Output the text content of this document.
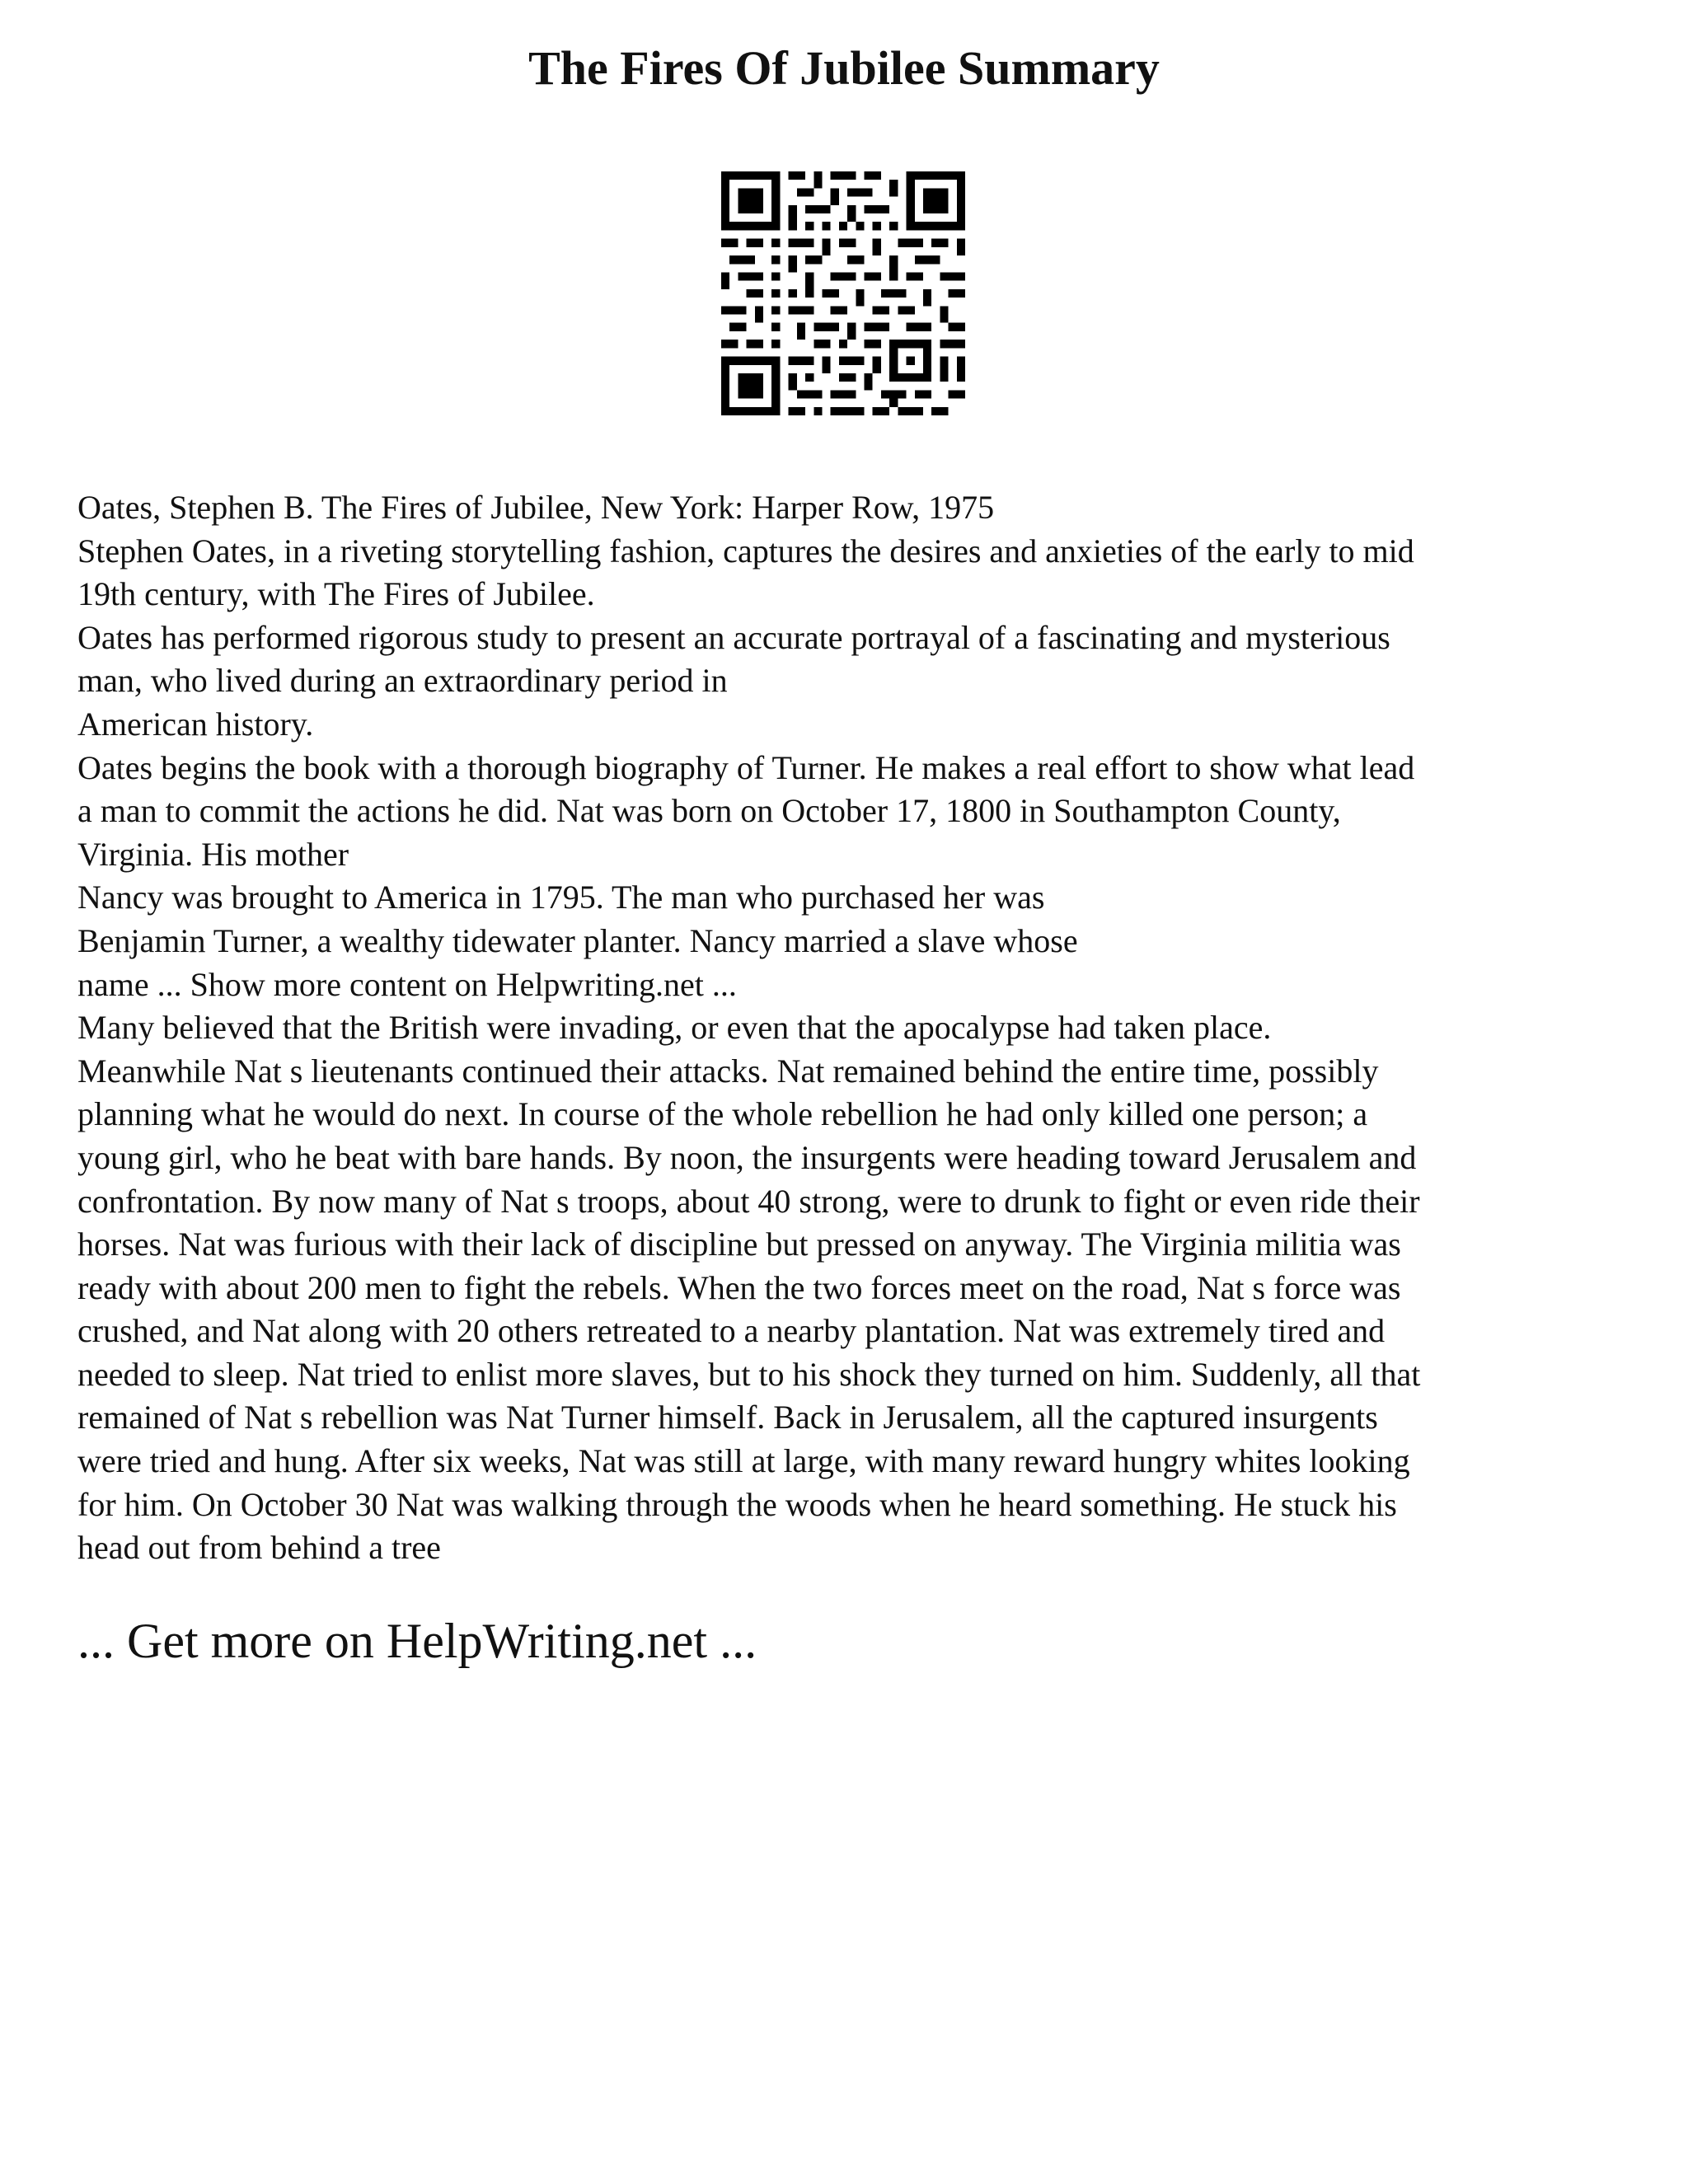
The Fires Of Jubilee Summary

Oates, Stephen B. The Fires of Jubilee, New York: Harper Row, 1975

Stephen Oates, in a riveting storytelling fashion, captures the desires and anxieties of the early to mid

19th century, with The Fires of Jubilee.

Oates has performed rigorous study to present an accurate portrayal of a fascinating and mysterious

man, who lived during an extraordinary period in

American history.

Oates begins the book with a thorough biography of Turner. He makes a real effort to show what lead

a man to commit the actions he did. Nat was born on October 17, 1800 in Southampton County,

Virginia. His mother

Nancy was brought to America in 1795. The man who purchased her was

Benjamin Turner, a wealthy tidewater planter. Nancy married a slave whose

name ... Show more content on Helpwriting.net ...

Many believed that the British were invading, or even that the apocalypse had taken place.

Meanwhile Nat s lieutenants continued their attacks. Nat remained behind the entire time, possibly

planning what he would do next. In course of the whole rebellion he had only killed one person; a

young girl, who he beat with bare hands. By noon, the insurgents were heading toward Jerusalem and

confrontation. By now many of Nat s troops, about 40 strong, were to drunk to fight or even ride their

horses. Nat was furious with their lack of discipline but pressed on anyway. The Virginia militia was

ready with about 200 men to fight the rebels. When the two forces meet on the road, Nat s force was

crushed, and Nat along with 20 others retreated to a nearby plantation. Nat was extremely tired and

needed to sleep. Nat tried to enlist more slaves, but to his shock they turned on him. Suddenly, all that

remained of Nat s rebellion was Nat Turner himself. Back in Jerusalem, all the captured insurgents

were tried and hung. After six weeks, Nat was still at large, with many reward hungry whites looking

for him. On October 30 Nat was walking through the woods when he heard something. He stuck his

head out from behind a tree

... Get more on HelpWriting.net ...
